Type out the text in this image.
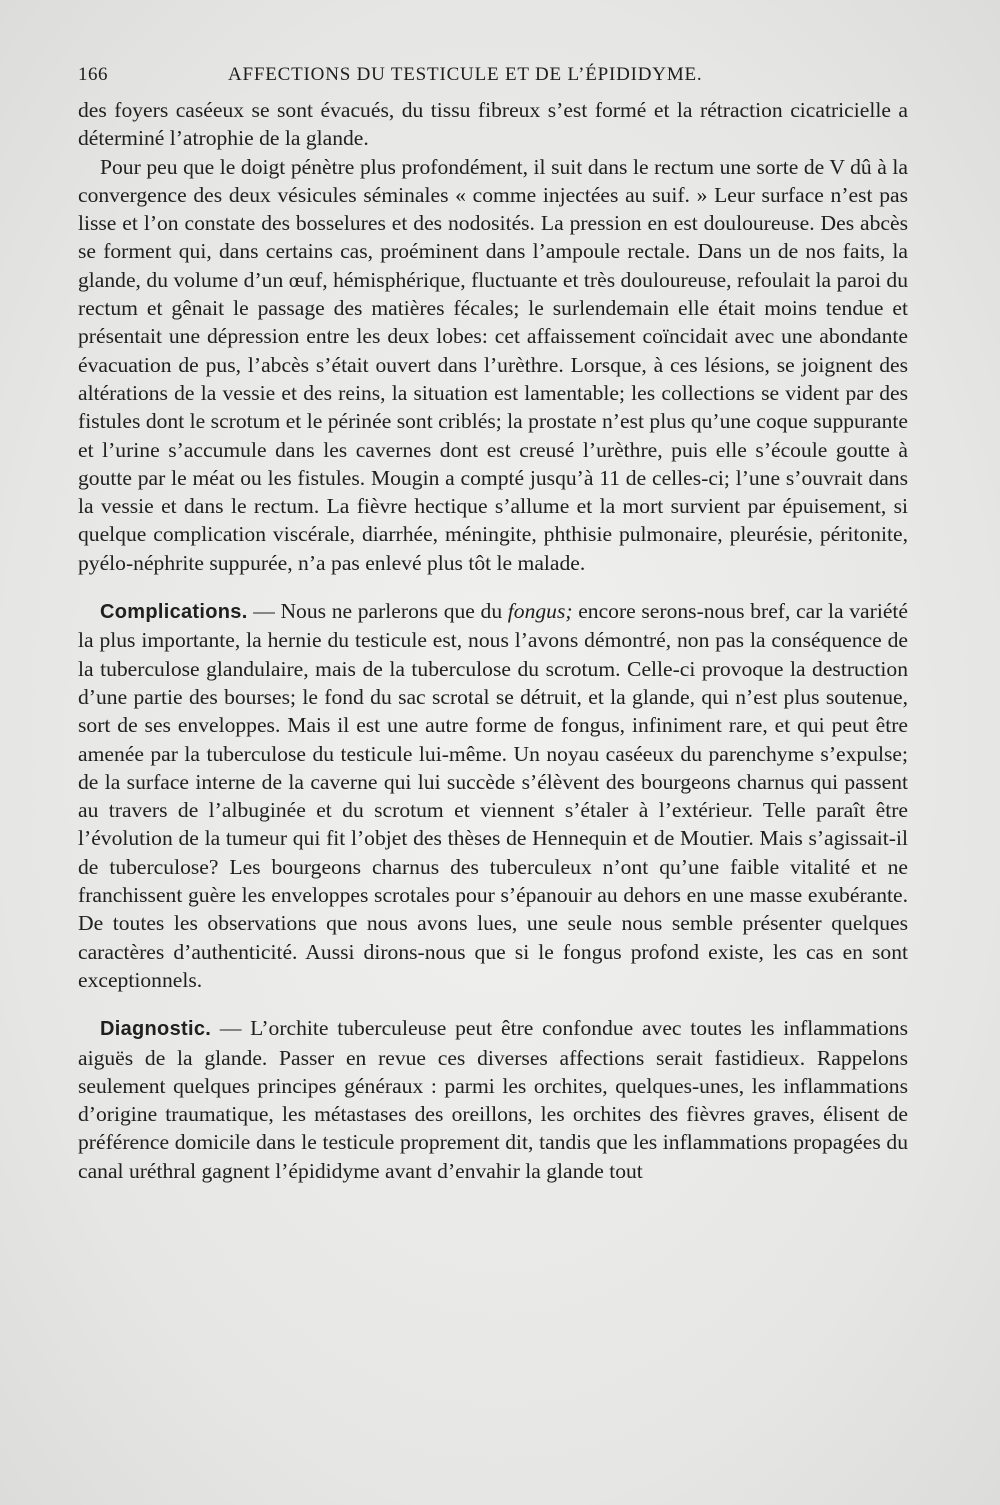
166	AFFECTIONS DU TESTICULE ET DE L’ÉPIDIDYME.

des foyers caséeux se sont évacués, du tissu fibreux s’est formé et la rétraction cicatricielle a déterminé l’atrophie de la glande.

Pour peu que le doigt pénètre plus profondément, il suit dans le rectum une sorte de V dû à la convergence des deux vésicules séminales « comme injectées au suif. » Leur surface n’est pas lisse et l’on constate des bosselures et des nodosités. La pression en est douloureuse. Des abcès se forment qui, dans certains cas, proéminent dans l’ampoule rectale. Dans un de nos faits, la glande, du volume d’un œuf, hémisphérique, fluctuante et très douloureuse, refoulait la paroi du rectum et gênait le passage des matières fécales; le surlendemain elle était moins tendue et présentait une dépression entre les deux lobes: cet affaissement coïncidait avec une abondante évacuation de pus, l’abcès s’était ouvert dans l’urèthre. Lorsque, à ces lésions, se joignent des altérations de la vessie et des reins, la situation est lamentable; les collections se vident par des fistules dont le scrotum et le périnée sont criblés; la prostate n’est plus qu’une coque suppurante et l’urine s’accumule dans les cavernes dont est creusé l’urèthre, puis elle s’écoule goutte à goutte par le méat ou les fistules. Mougin a compté jusqu’à 11 de celles-ci; l’une s’ouvrait dans la vessie et dans le rectum. La fièvre hectique s’allume et la mort survient par épuisement, si quelque complication viscérale, diarrhée, méningite, phthisie pulmonaire, pleurésie, péritonite, pyélo-néphrite suppurée, n’a pas enlevé plus tôt le malade.

Complications. — Nous ne parlerons que du fongus; encore serons-nous bref, car la variété la plus importante, la hernie du testicule est, nous l’avons démontré, non pas la conséquence de la tuberculose glandulaire, mais de la tuberculose du scrotum. Celle-ci provoque la destruction d’une partie des bourses; le fond du sac scrotal se détruit, et la glande, qui n’est plus soutenue, sort de ses enveloppes. Mais il est une autre forme de fongus, infiniment rare, et qui peut être amenée par la tuberculose du testicule lui-même. Un noyau caséeux du parenchyme s’expulse; de la surface interne de la caverne qui lui succède s’élèvent des bourgeons charnus qui passent au travers de l’albuginée et du scrotum et viennent s’étaler à l’extérieur. Telle paraît être l’évolution de la tumeur qui fit l’objet des thèses de Hennequin et de Moutier. Mais s’agissait-il de tuberculose? Les bourgeons charnus des tuberculeux n’ont qu’une faible vitalité et ne franchissent guère les enveloppes scrotales pour s’épanouir au dehors en une masse exubérante. De toutes les observations que nous avons lues, une seule nous semble présenter quelques caractères d’authenticité. Aussi dirons-nous que si le fongus profond existe, les cas en sont exceptionnels.

Diagnostic. — L’orchite tuberculeuse peut être confondue avec toutes les inflammations aiguës de la glande. Passer en revue ces diverses affections serait fastidieux. Rappelons seulement quelques principes généraux : parmi les orchites, quelques-unes, les inflammations d’origine traumatique, les métastases des oreillons, les orchites des fièvres graves, élisent de préférence domicile dans le testicule proprement dit, tandis que les inflammations propagées du canal uréthral gagnent l’épididyme avant d’envahir la glande tout
